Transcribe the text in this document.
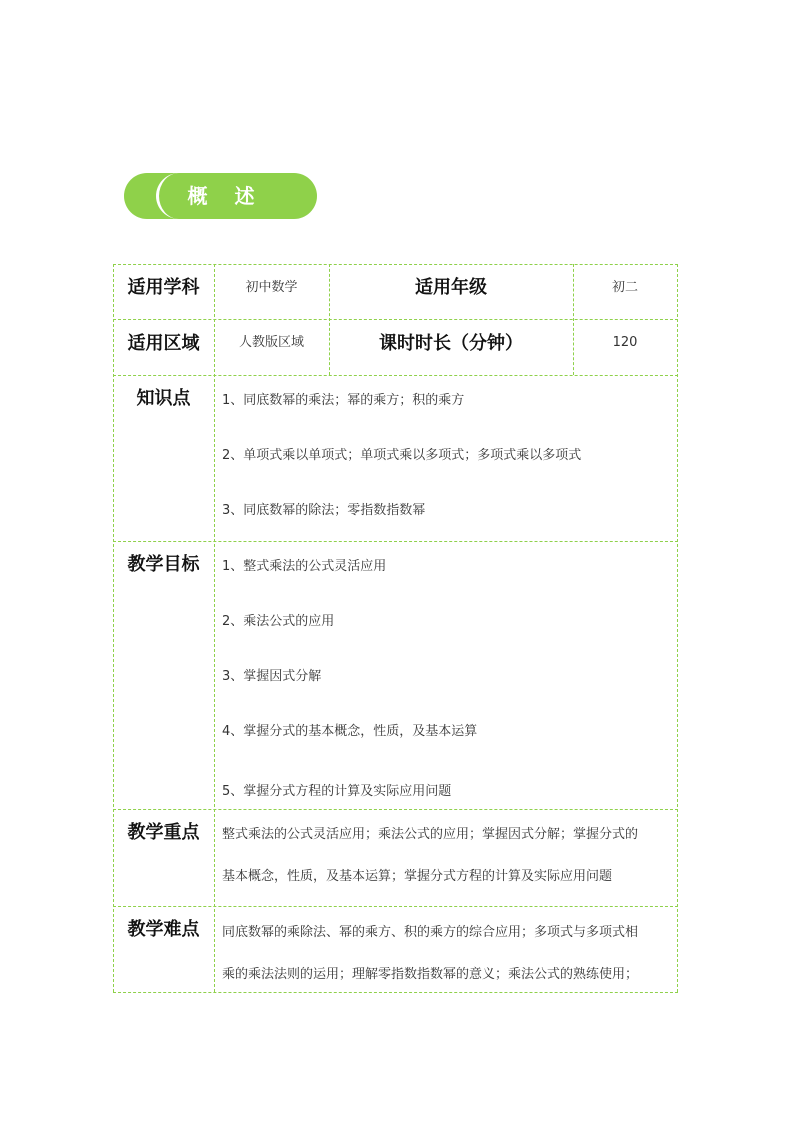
概 述
适用学科	初中数学	适用年级	初二
适用区域	人教版区域	课时时长（分钟）	120
知识点	1、同底数幂的乘法；幂的乘方；积的乘方
2、单项式乘以单项式；单项式乘以多项式；多项式乘以多项式
3、同底数幂的除法；零指数指数幂
教学目标	1、整式乘法的公式灵活应用
2、乘法公式的应用
3、掌握因式分解
4、掌握分式的基本概念，性质，及基本运算
5、掌握分式方程的计算及实际应用问题
教学重点	整式乘法的公式灵活应用；乘法公式的应用；掌握因式分解；掌握分式的
基本概念，性质，及基本运算；掌握分式方程的计算及实际应用问题
教学难点	同底数幂的乘除法、幂的乘方、积的乘方的综合应用；多项式与多项式相
乘的乘法法则的运用；理解零指数指数幂的意义；乘法公式的熟练使用；
